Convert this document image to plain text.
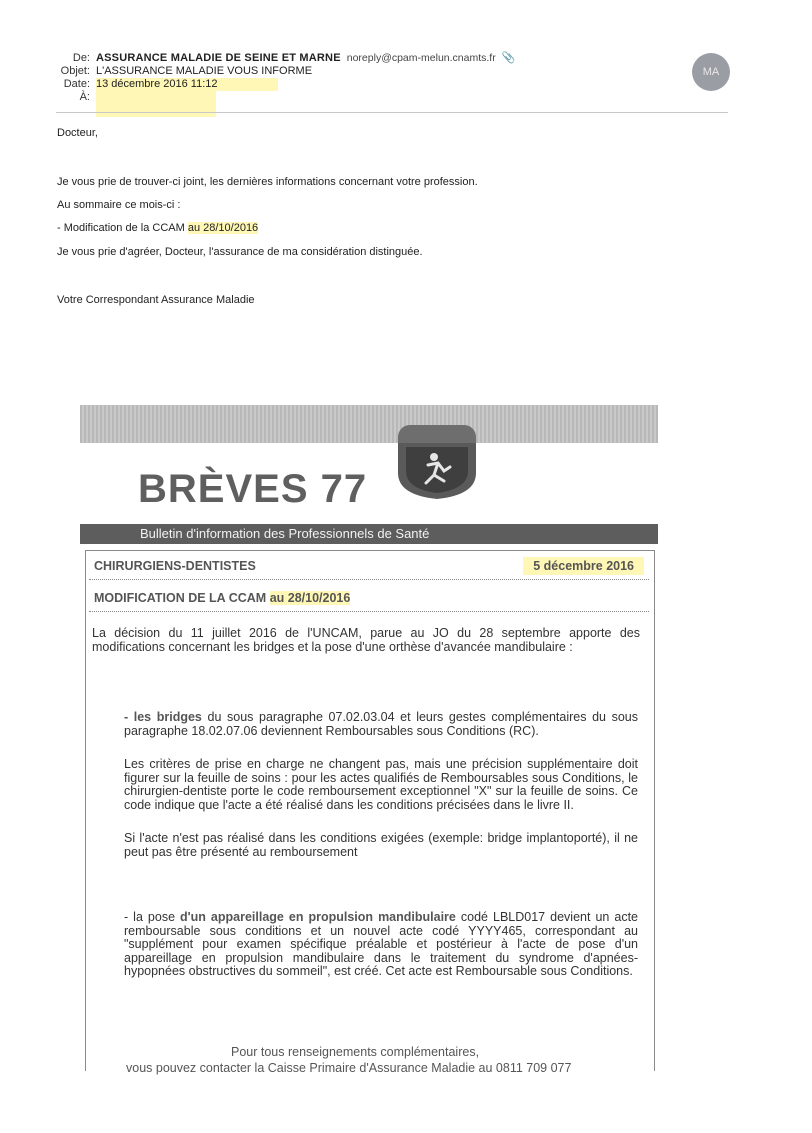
De: ASSURANCE MALADIE DE SEINE ET MARNE noreply@cpam-melun.cnamts.fr 📎
Objet: L'ASSURANCE MALADIE VOUS INFORME
Date: 13 décembre 2016 11:12
À:
MA

Docteur,

Je vous prie de trouver-ci joint, les dernières informations concernant votre profession.

Au sommaire ce mois-ci :

- Modification de la CCAM au 28/10/2016

Je vous prie d'agréer, Docteur, l'assurance de ma considération distinguée.

Votre Correspondant Assurance Maladie

BRÈVES 77
Bulletin d'information des Professionnels de Santé
CHIRURGIENS-DENTISTES	5 décembre 2016
MODIFICATION DE LA CCAM au 28/10/2016
La décision du 11 juillet 2016 de l'UNCAM, parue au JO du 28 septembre apporte des modifications concernant les bridges et la pose d'une orthèse d'avancée mandibulaire :
- les bridges du sous paragraphe 07.02.03.04 et leurs gestes complémentaires du sous paragraphe 18.02.07.06 deviennent Remboursables sous Conditions (RC).
Les critères de prise en charge ne changent pas, mais une précision supplémentaire doit figurer sur la feuille de soins : pour les actes qualifiés de Remboursables sous Conditions, le chirurgien-dentiste porte le code remboursement exceptionnel "X" sur la feuille de soins. Ce code indique que l'acte a été réalisé dans les conditions précisées dans le livre II.
Si l'acte n'est pas réalisé dans les conditions exigées (exemple: bridge implantoporté), il ne peut pas être présenté au remboursement
- la pose d'un appareillage en propulsion mandibulaire codé LBLD017 devient un acte remboursable sous conditions et un nouvel acte codé YYYY465, correspondant au "supplément pour examen spécifique préalable et postérieur à l'acte de pose d'un appareillage en propulsion mandibulaire dans le traitement du syndrome d'apnées-hypopnées obstructives du sommeil", est créé. Cet acte est Remboursable sous Conditions.
Pour tous renseignements complémentaires,
vous pouvez contacter la Caisse Primaire d'Assurance Maladie au 0811 709 077
